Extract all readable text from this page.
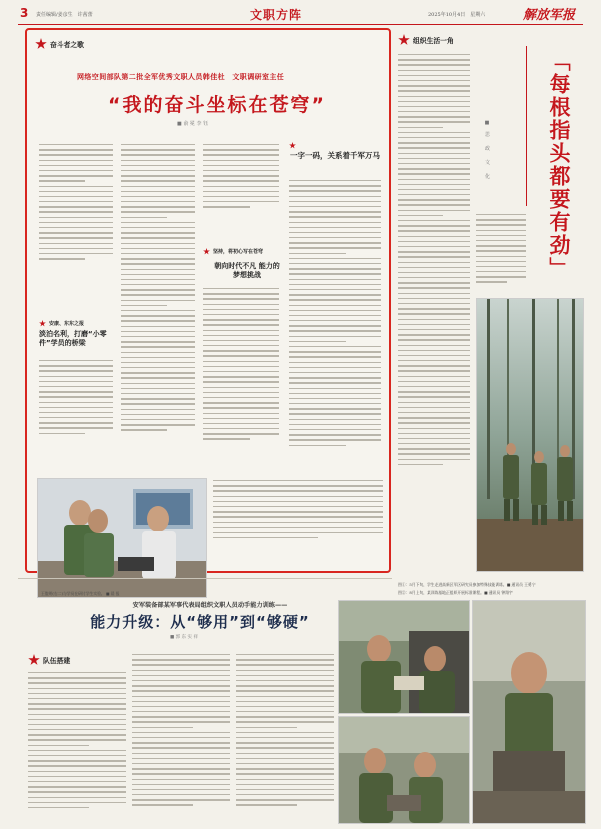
3 责任编辑/姜彦生　许茜蕾	文职方阵	2025年10月4日　星期六	解放军报
奋斗者之歌
网络空间部队第二批全军优秀文职人员韩佳杜　文职调研室主任　
“我的奋斗坐标在苍穹”
■ 俞 冕 李 钰
安康、东东之报
淡泊名利，打磨“小零件”学员的桥梁
坚持，将初心写在苍穹
朝向时代不凡 能力的梦想挑战
一字一码，关系着千军万马
王俊明(右二)与学员在研讨学生实验。 ■ 晨 报
组织生活一角
「每根指头都要有劲」
■ 思　政　文　化
图①：5月下旬，学生走进高新区军区研究员参加特殊技能训练。■ 通讯员 王勇宁
图②：8月上旬，某训练基地正组织开展标准课程。■ 通讯员 钟翔宇
安军装备部某军事代表局组织文职人员动手能力训练——
能力升级：从“够用”到“够硬”
■ 郭 东 实 祥
队伍搭建
